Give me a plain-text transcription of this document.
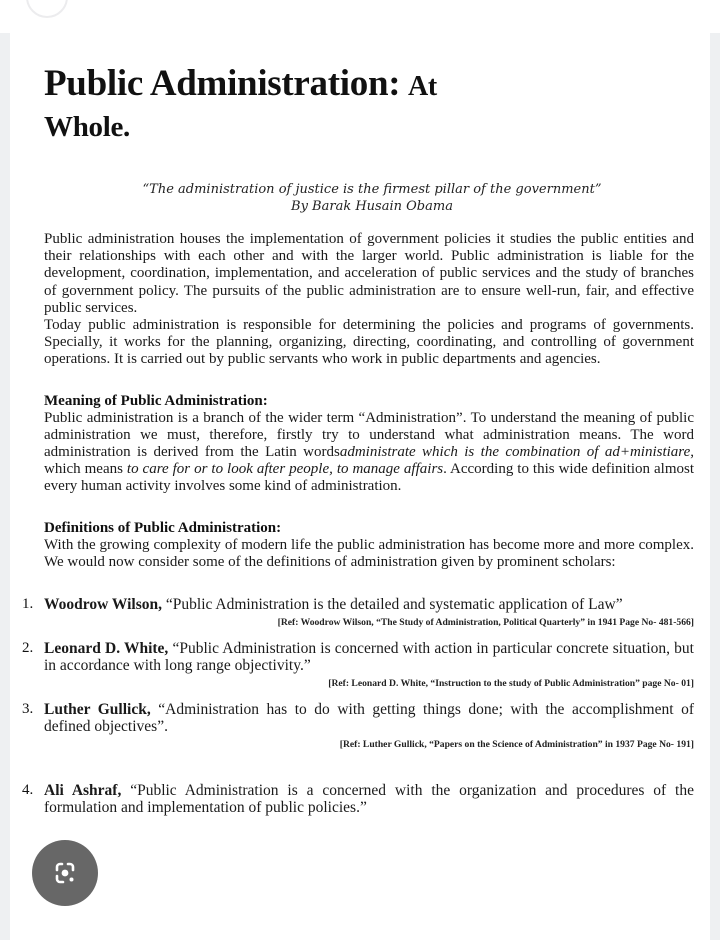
Public Administration: At
Whole.
“The administration of justice is the firmest pillar of the government”
By Barak Husain Obama

Public administration houses the implementation of government policies it studies the public entities and their relationships with each other and with the larger world. Public administration is liable for the development, coordination, implementation, and acceleration of public services and the study of branches of government policy. The pursuits of the public administration are to ensure well-run, fair, and effective public services.

Today public administration is responsible for determining the policies and programs of governments. Specially, it works for the planning, organizing, directing, coordinating, and controlling of government operations. It is carried out by public servants who work in public departments and agencies.

Meaning of Public Administration:

Public administration is a branch of the wider term “Administration”. To understand the meaning of public administration we must, therefore, firstly try to understand what administration means. The word administration is derived from the Latin wordsadministrate which is the combination of ad+ministiare, which means to care for or to look after people, to manage affairs. According to this wide definition almost every human activity involves some kind of administration.

Definitions of Public Administration:

With the growing complexity of modern life the public administration has become more and more complex. We would now consider some of the definitions of administration given by prominent scholars:

1. Woodrow Wilson, “Public Administration is the detailed and systematic application of Law”
[Ref: Woodrow Wilson, “The Study of Administration, Political Quarterly” in 1941 Page No- 481-566]
2. Leonard D. White, “Public Administration is concerned with action in particular concrete situation, but in accordance with long range objectivity.”
[Ref: Leonard D. White, “Instruction to the study of Public Administration” page No- 01]
3. Luther Gullick, “Administration has to do with getting things done; with the accomplishment of defined objectives”.
[Ref: Luther Gullick, “Papers on the Science of Administration” in 1937 Page No- 191]
4. Ali Ashraf, “Public Administration is a concerned with the organization and procedures of the formulation and implementation of public policies.”
